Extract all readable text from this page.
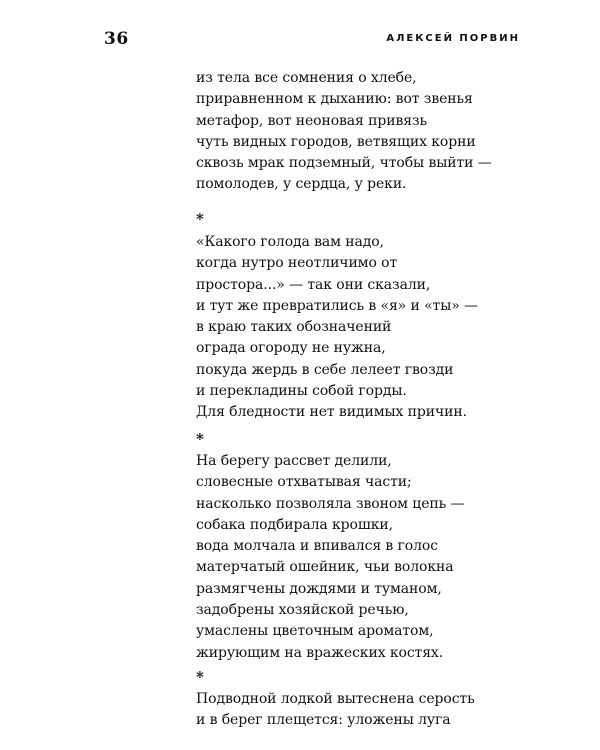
36	АЛЕКСЕЙ ПОРВИН
из тела все сомнения о хлебе,
приравненном к дыханию: вот звенья
метафор, вот неоновая привязь
чуть видных городов, ветвящих корни
сквозь мрак подземный, чтобы выйти —
помолодев, у сердца, у реки.
*
«Какого голода вам надо,
когда нутро неотличимо от
простора...» — так они сказали,
и тут же превратились в «я» и «ты» —
в краю таких обозначений
ограда огороду не нужна,
покуда жердь в себе лелеет гвозди
и перекладины собой горды.
Для бледности нет видимых причин.
*
На берегу рассвет делили,
словесные отхватывая части;
насколько позволяла звоном цепь —
собака подбирала крошки,
вода молчала и впивался в голос
матерчатый ошейник, чьи волокна
размягчены дождями и туманом,
задобрены хозяйской речью,
умаслены цветочным ароматом,
жирующим на вражеских костях.
*
Подводной лодкой вытеснена серость
и в берег плещется: уложены луга
